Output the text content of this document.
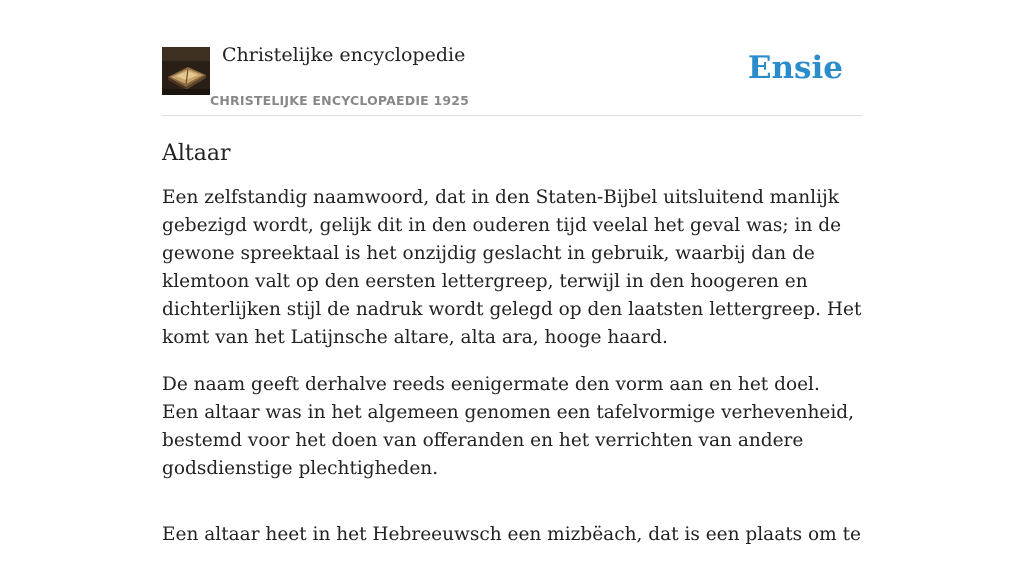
Christelijke encyclopedie
CHRISTELIJKE ENCYCLOPAEDIE 1925
Ensie
Altaar

Een zelfstandig naamwoord, dat in den Staten-Bijbel uitsluitend manlijk gebezigd wordt, gelijk dit in den ouderen tijd veelal het geval was; in de gewone spreektaal is het onzijdig geslacht in gebruik, waarbij dan de klemtoon valt op den eersten lettergreep, terwijl in den hoogeren en dichterlijken stijl de nadruk wordt gelegd op den laatsten lettergreep. Het komt van het Latijnsche altare, alta ara, hooge haard.

De naam geeft derhalve reeds eenigermate den vorm aan en het doel. Een altaar was in het algemeen genomen een tafelvormige verhevenheid, bestemd voor het doen van offeranden en het verrichten van andere godsdienstige plechtigheden.

Een altaar heet in het Hebreeuwsch een mizbëach, dat is een plaats om te
